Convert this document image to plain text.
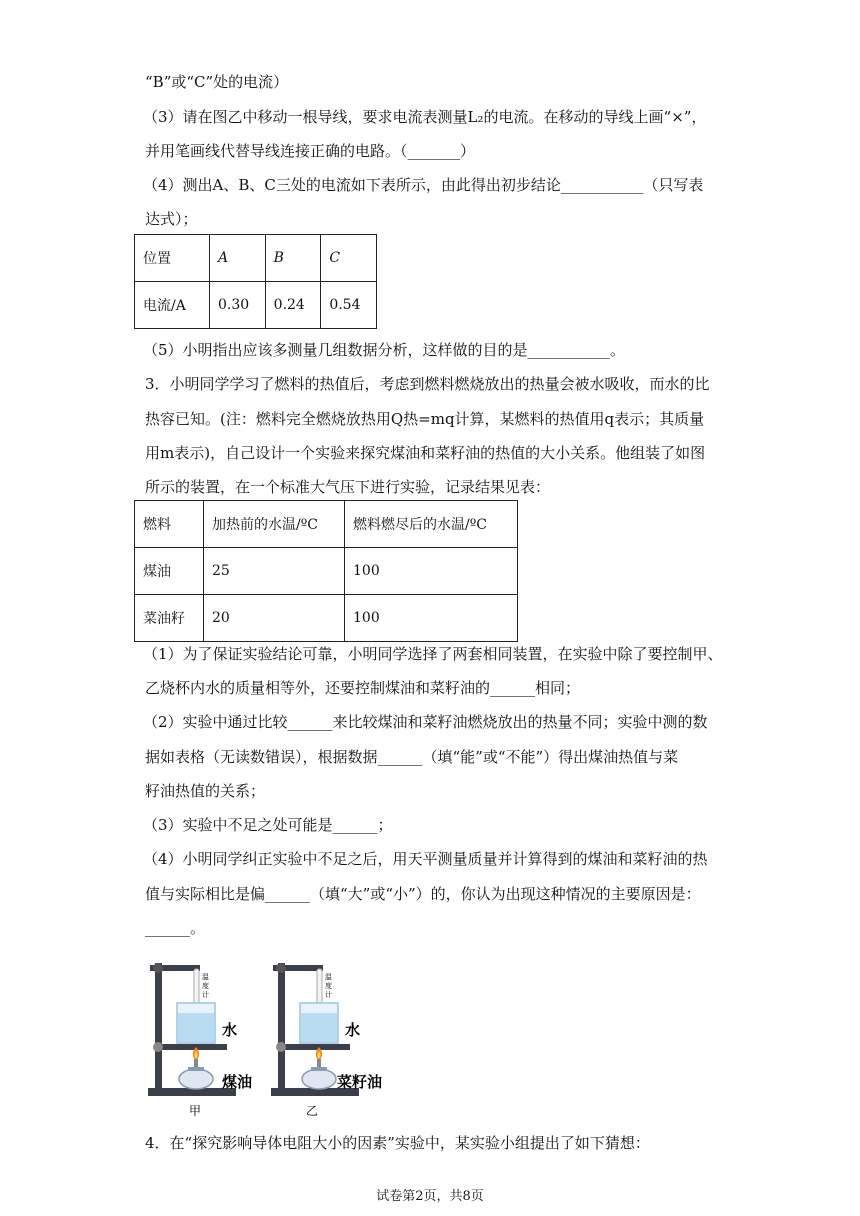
“B”或“C”处的电流）
（3）请在图乙中移动一根导线，要求电流表测量L₂的电流。在移动的导线上画“×”，
并用笔画线代替导线连接正确的电路。（_______）
（4）测出A、B、C三处的电流如下表所示，由此得出初步结论___________（只写表
达式）；
位置	A	B	C
电流/A	0.30	0.24	0.54
（5）小明指出应该多测量几组数据分析，这样做的目的是___________。
3．小明同学学习了燃料的热值后，考虑到燃料燃烧放出的热量会被水吸收，而水的比
热容已知。(注：燃料完全燃烧放热用Q热=mq计算，某燃料的热值用q表示；其质量
用m表示)，自己设计一个实验来探究煤油和菜籽油的热值的大小关系。他组装了如图
所示的装置，在一个标准大气压下进行实验，记录结果见表：
燃料	加热前的水温/ºC	燃料燃尽后的水温/ºC
煤油	25	100
菜油籽	20	100
（1）为了保证实验结论可靠，小明同学选择了两套相同装置，在实验中除了要控制甲、
乙烧杯内水的质量相等外，还要控制煤油和菜籽油的______相同；
（2）实验中通过比较______来比较煤油和菜籽油燃烧放出的热量不同；实验中测的数
据如表格（无读数错误），根据数据______（填“能”或“不能”）得出煤油热值与菜
籽油热值的关系；
（3）实验中不足之处可能是______；
（4）小明同学纠正实验中不足之后，用天平测量质量并计算得到的煤油和菜籽油的热
值与实际相比是偏______（填“大”或“小”）的，你认为出现这种情况的主要原因是：
______。
温
度
计
水
煤油
甲
温
度
计
水
菜籽油
乙
4．在“探究影响导体电阻大小的因素”实验中，某实验小组提出了如下猜想：
试卷第2页，共8页
